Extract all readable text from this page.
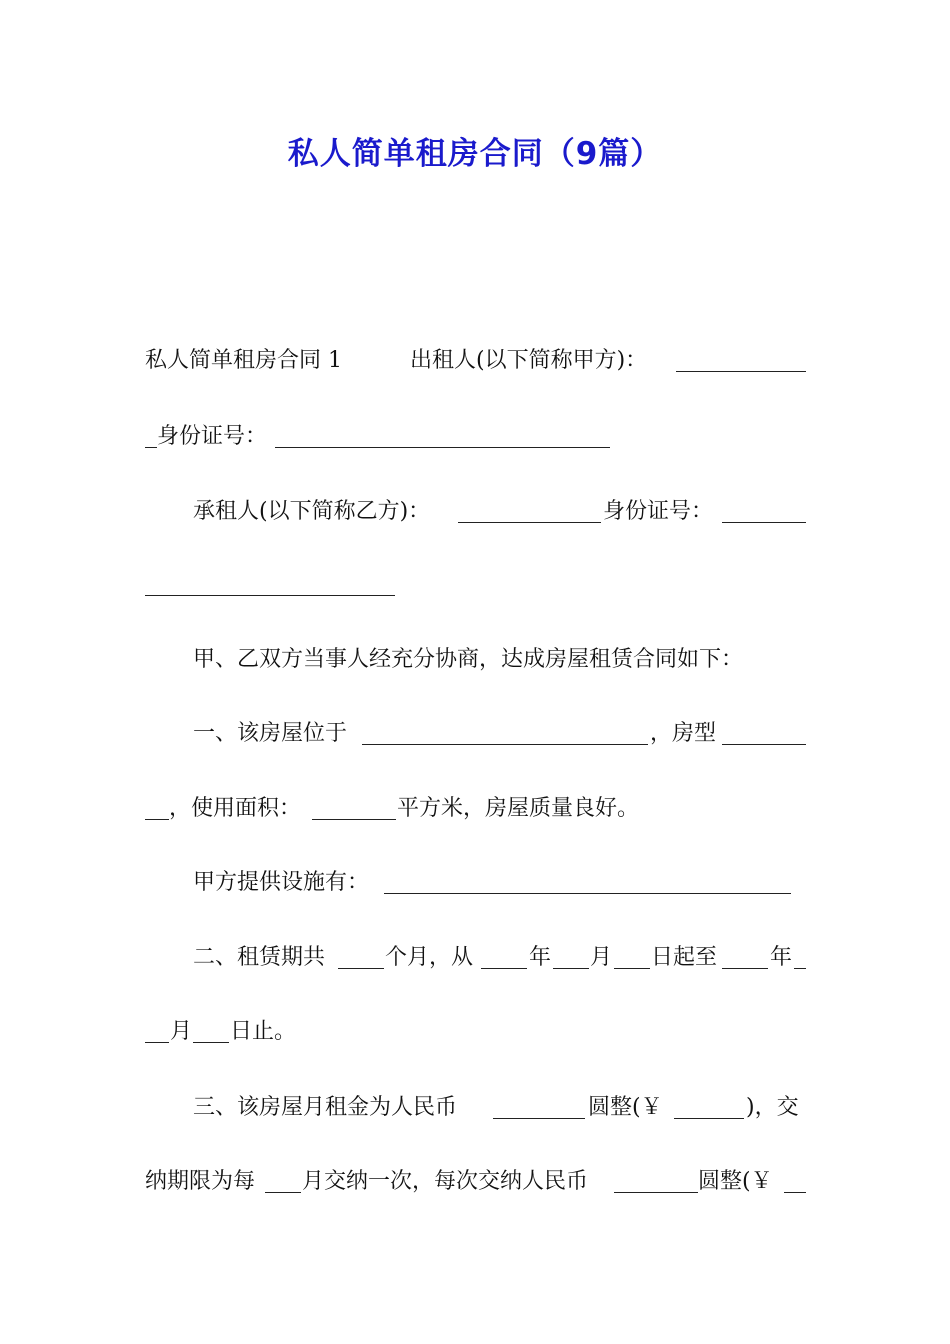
私人简单租房合同（9篇）
私人简单租房合同 1	出租人(以下简称甲方)：
身份证号：
承租人(以下简称乙方)：	身份证号：
甲、乙双方当事人经充分协商，达成房屋租赁合同如下：
一、该房屋位于	，房型
，使用面积：	平方米，房屋质量良好。
甲方提供设施有：
二、租赁期共	个月，从	年 月 日起至 年
月 日止。
三、该房屋月租金为人民币	圆整(￥	)，交
纳期限为每 月交纳一次，每次交纳人民币	圆整(￥
